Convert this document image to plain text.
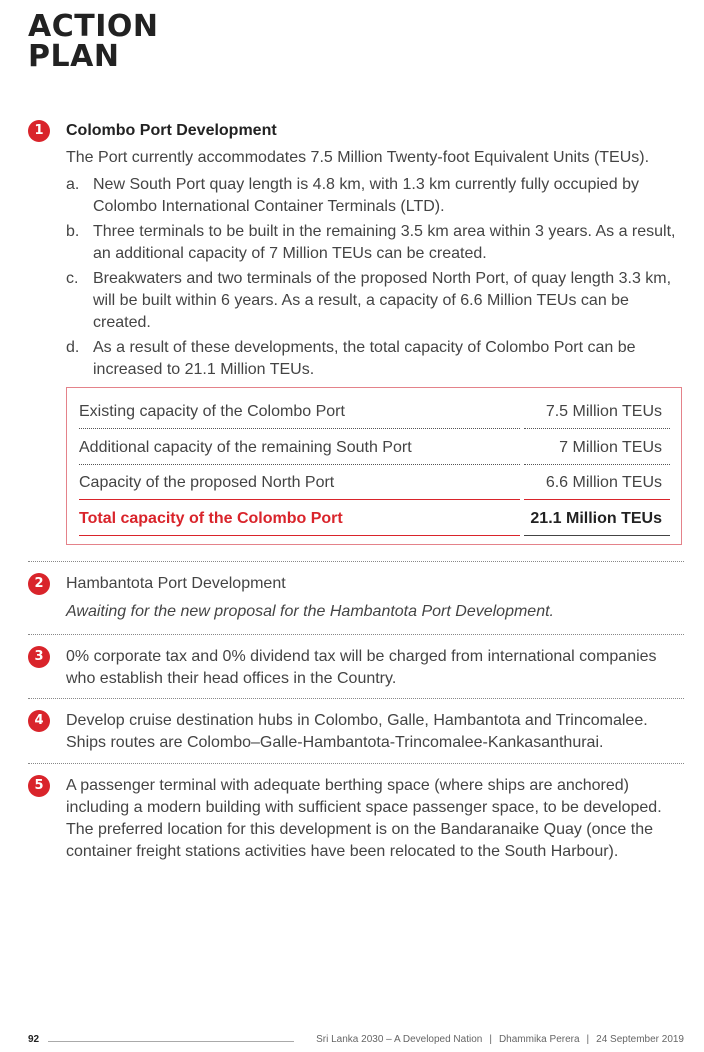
ACTION
PLAN
1	Colombo Port Development
The Port currently accommodates 7.5 Million Twenty-foot Equivalent Units (TEUs).
a. New South Port quay length is 4.8 km, with 1.3 km currently fully occupied by Colombo International Container Terminals (LTD).
b. Three terminals to be built in the remaining 3.5 km area within 3 years. As a result, an additional capacity of 7 Million TEUs can be created.
c. Breakwaters and two terminals of the proposed North Port, of quay length 3.3 km, will be built within 6 years. As a result, a capacity of 6.6 Million TEUs can be created.
d. As a result of these developments, the total capacity of Colombo Port can be increased to 21.1 Million TEUs.
Existing capacity of the Colombo Port	7.5 Million TEUs
Additional capacity of the remaining South Port	7 Million TEUs
Capacity of the proposed North Port	6.6 Million TEUs
Total capacity of the Colombo Port	21.1 Million TEUs
2	Hambantota Port Development
Awaiting for the new proposal for the Hambantota Port Development.
3	0% corporate tax and 0% dividend tax will be charged from international companies who establish their head offices in the Country.
4	Develop cruise destination hubs in Colombo, Galle, Hambantota and Trincomalee. Ships routes are Colombo–Galle-Hambantota-Trincomalee-Kankasanthurai.
5	A passenger terminal with adequate berthing space (where ships are anchored) including a modern building with sufficient space passenger space, to be developed. The preferred location for this development is on the Bandaranaike Quay (once the container freight stations activities have been relocated to the South Harbour).
92	Sri Lanka 2030 – A Developed Nation | Dhammika Perera | 24 September 2019
